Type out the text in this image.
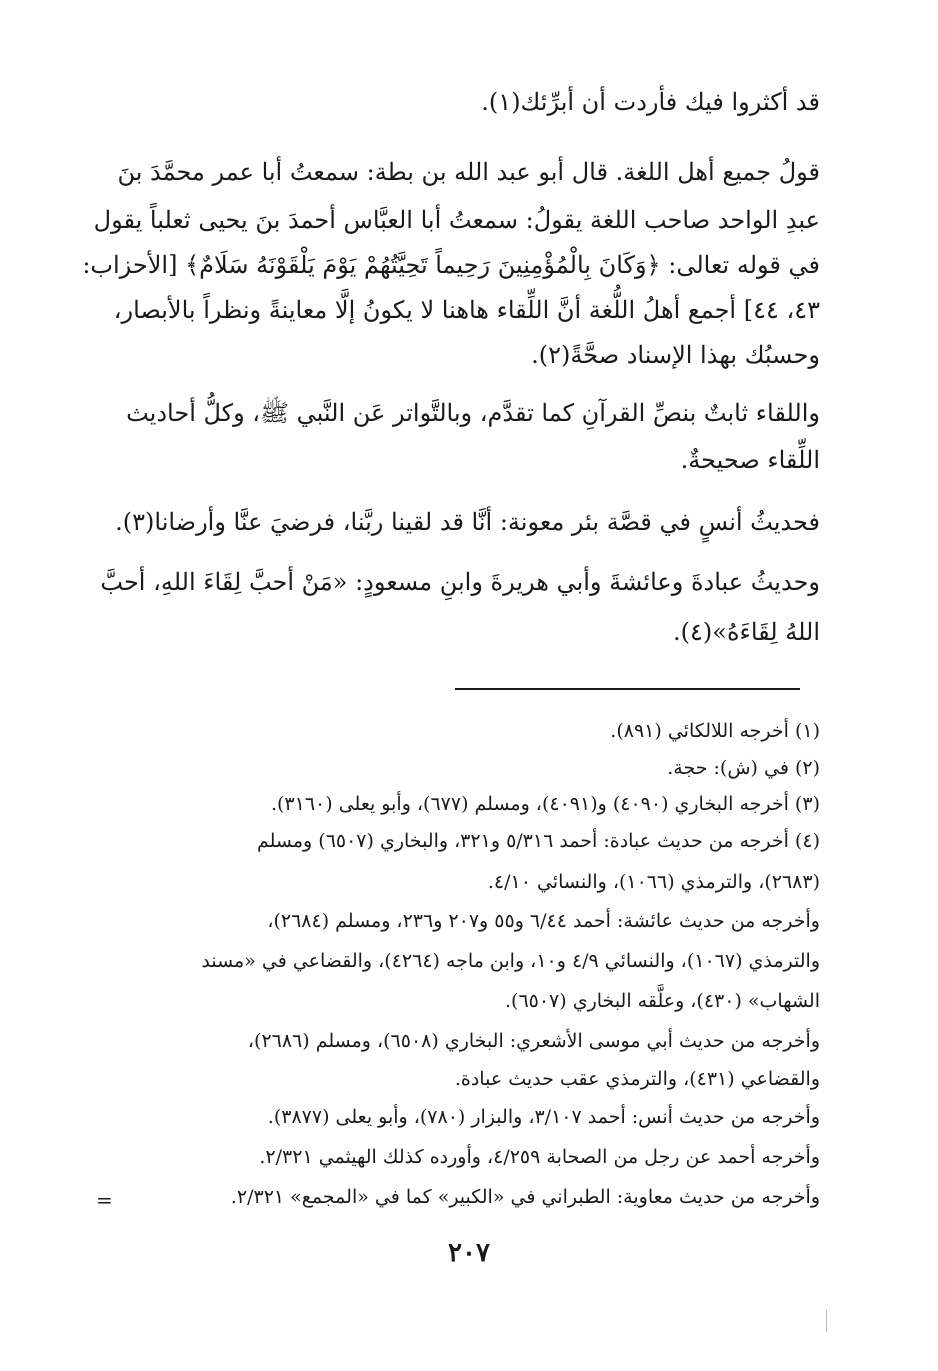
قد أكثروا فيك فأردت أن أبرِّئك(١).
قولُ جميع أهل اللغة. قال أبو عبد الله بن بطة: سمعتُ أبا عمر محمَّدَ بنَ
عبدِ الواحد صاحب اللغة يقولُ: سمعتُ أبا العبَّاس أحمدَ بنَ يحيى ثعلباً يقول
في قوله تعالى: ﴿وَكَانَ بِالْمُؤْمِنِينَ رَحِيماً تَحِيَّتُهُمْ يَوْمَ يَلْقَوْنَهُ سَلَامٌ﴾ [الأحزاب:
٤٣، ٤٤] أجمع أهلُ اللُّغة أنَّ اللِّقاء هاهنا لا يكونُ إلَّا معاينةً ونظراً بالأبصار،
وحسبُك بهذا الإسناد صحَّةً(٢).
واللقاء ثابتٌ بنصِّ القرآنِ كما تقدَّم، وبالتَّواتر عَن النَّبي ﷺ، وكلُّ أحاديث
اللِّقاء صحيحةٌ.
فحديثُ أنسٍ في قصَّة بئر معونة: أنَّا قد لقينا ربَّنا، فرضيَ عنَّا وأرضانا(٣).
وحديثُ عبادةَ وعائشةَ وأبي هريرةَ وابنِ مسعودٍ: «مَنْ أحبَّ لِقَاءَ اللهِ، أحبَّ
اللهُ لِقَاءَهُ»(٤).
(١) أخرجه اللالكائي (٨٩١).
(٢) في (ش): حجة.
(٣) أخرجه البخاري (٤٠٩٠) و(٤٠٩١)، ومسلم (٦٧٧)، وأبو يعلى (٣١٦٠).
(٤) أخرجه من حديث عبادة: أحمد ٥/٣١٦ و٣٢١، والبخاري (٦٥٠٧) ومسلم
(٢٦٨٣)، والترمذي (١٠٦٦)، والنسائي ٤/١٠.
وأخرجه من حديث عائشة: أحمد ٦/٤٤ و٥٥ و٢٠٧ و٢٣٦، ومسلم (٢٦٨٤)،
والترمذي (١٠٦٧)، والنسائي ٤/٩ و١٠، وابن ماجه (٤٢٦٤)، والقضاعي في «مسند
الشهاب» (٤٣٠)، وعلَّقه البخاري (٦٥٠٧).
وأخرجه من حديث أبي موسى الأشعري: البخاري (٦٥٠٨)، ومسلم (٢٦٨٦)،
والقضاعي (٤٣١)، والترمذي عقب حديث عبادة.
وأخرجه من حديث أنس: أحمد ٣/١٠٧، والبزار (٧٨٠)، وأبو يعلى (٣٨٧٧).
وأخرجه أحمد عن رجل من الصحابة ٤/٢٥٩، وأورده كذلك الهيثمي ٢/٣٢١.
وأخرجه من حديث معاوية: الطبراني في «الكبير» كما في «المجمع» ٢/٣٢١.
=
٢٠٧
